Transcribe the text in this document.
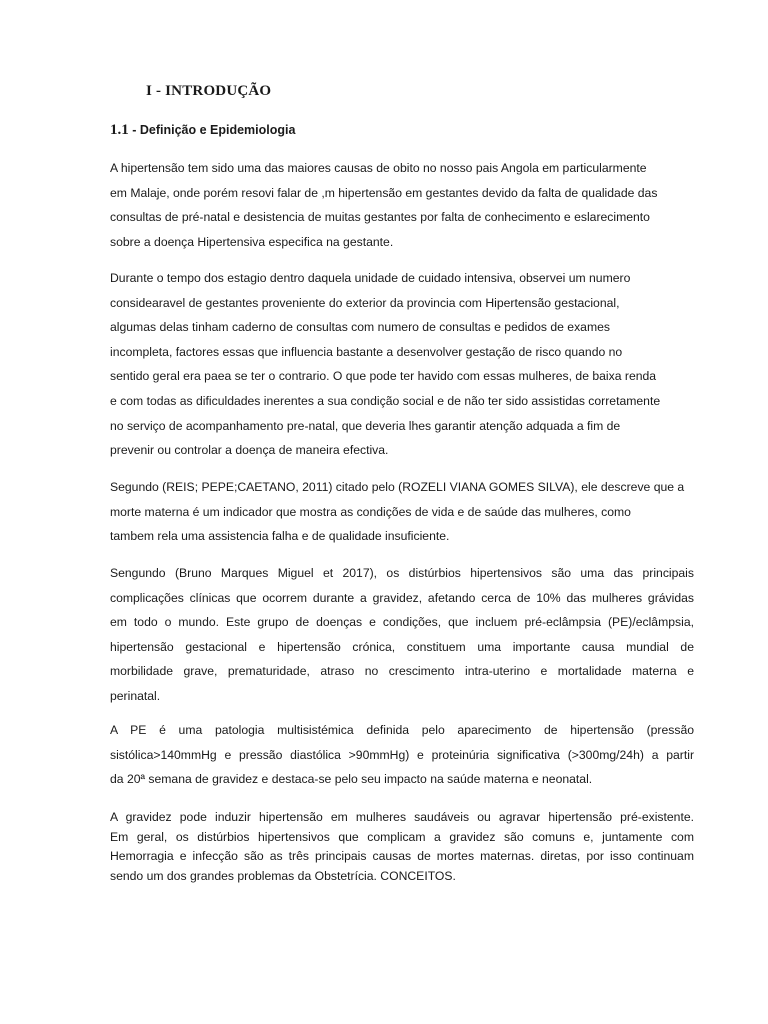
I - INTRODUÇÃO
1.1 - Definição e Epidemiologia

A hipertensão tem sido uma das maiores causas de obito no nosso pais Angola em particularmente
em Malaje, onde porém resovi falar de ,m hipertensão em gestantes devido da falta de qualidade das
consultas de pré-natal e desistencia de muitas gestantes por falta de conhecimento e eslarecimento
sobre a doença Hipertensiva especifica na gestante.

Durante o tempo dos estagio dentro daquela unidade de cuidado intensiva, observei um numero
considearavel de gestantes proveniente do exterior da provincia com Hipertensão gestacional,
algumas delas tinham caderno de consultas com numero de consultas e pedidos de exames
incompleta, factores essas que influencia bastante a desenvolver gestação de risco quando no
sentido geral era paea se ter o contrario. O que pode ter havido com essas mulheres, de baixa renda
e com todas as dificuldades inerentes a sua condição social e de não ter sido assistidas corretamente
no serviço de acompanhamento pre-natal, que deveria lhes garantir atenção adquada a fim de
prevenir ou controlar a doença de maneira efectiva.

Segundo (REIS; PEPE;CAETANO, 2011) citado pelo (ROZELI VIANA GOMES SILVA), ele descreve que a
morte materna é um indicador que mostra as condições de vida e de saúde das mulheres, como
tambem rela uma assistencia falha e de qualidade insuficiente.

Sengundo (Bruno Marques Miguel et 2017), os distúrbios hipertensivos são uma das principais
complicações clínicas que ocorrem durante a gravidez, afetando cerca de 10% das mulheres grávidas
em todo o mundo. Este grupo de doenças e condições, que incluem pré-eclâmpsia (PE)/eclâmpsia,
hipertensão gestacional e hipertensão crónica, constituem uma importante causa mundial de
morbilidade grave, prematuridade, atraso no crescimento intra-uterino e mortalidade materna e
perinatal.

A PE é uma patologia multisistémica definida pelo aparecimento de hipertensão (pressão
sistólica>140mmHg e pressão diastólica >90mmHg) e proteinúria significativa (>300mg/24h) a partir
da 20ª semana de gravidez e destaca-se pelo seu impacto na saúde materna e neonatal.

A gravidez pode induzir hipertensão em mulheres saudáveis ou agravar hipertensão pré-existente.
Em geral, os distúrbios hipertensivos que complicam a gravidez são comuns e, juntamente com
Hemorragia e infecção são as três principais causas de mortes maternas. diretas, por isso continuam
sendo um dos grandes problemas da Obstetrícia. CONCEITOS.
